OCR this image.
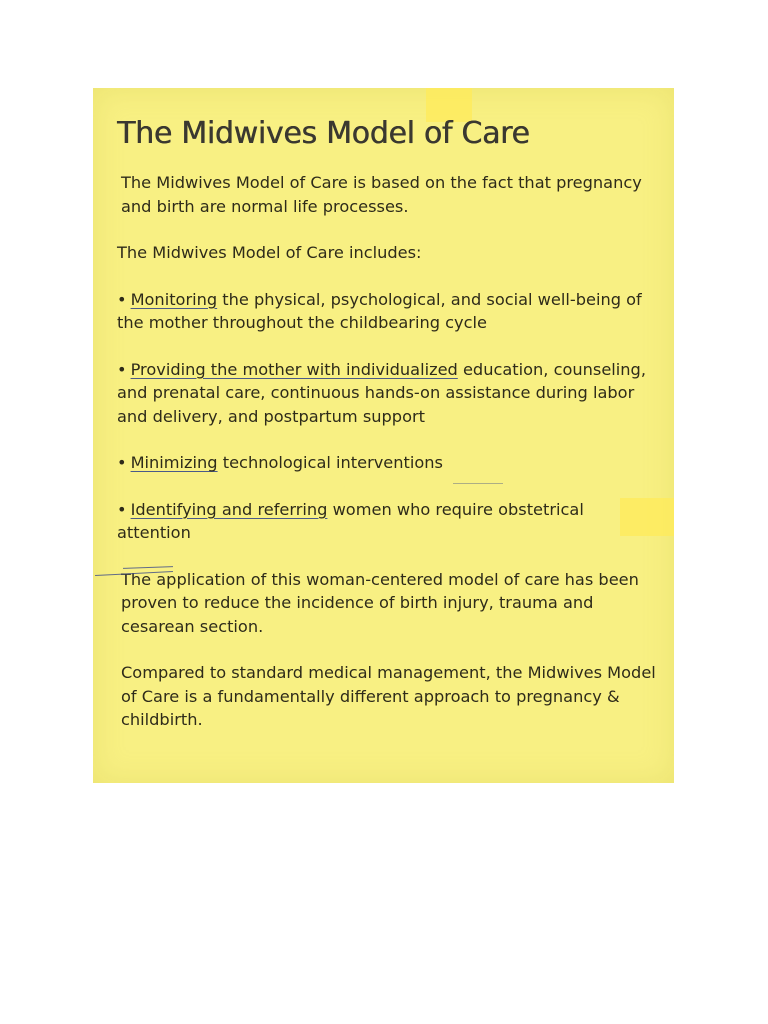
The Midwives Model of Care

The Midwives Model of Care is based on the fact that pregnancy and birth are normal life processes.

The Midwives Model of Care includes:

• Monitoring the physical, psychological, and social well-being of the mother throughout the childbearing cycle

• Providing the mother with individualized education, counseling, and prenatal care, continuous hands-on assistance during labor and delivery, and postpartum support

• Minimizing technological interventions

• Identifying and referring women who require obstetrical attention

The application of this woman-centered model of care has been proven to reduce the incidence of birth injury, trauma and cesarean section.

Compared to standard medical management, the Midwives Model of Care is a fundamentally different approach to pregnancy & childbirth.
